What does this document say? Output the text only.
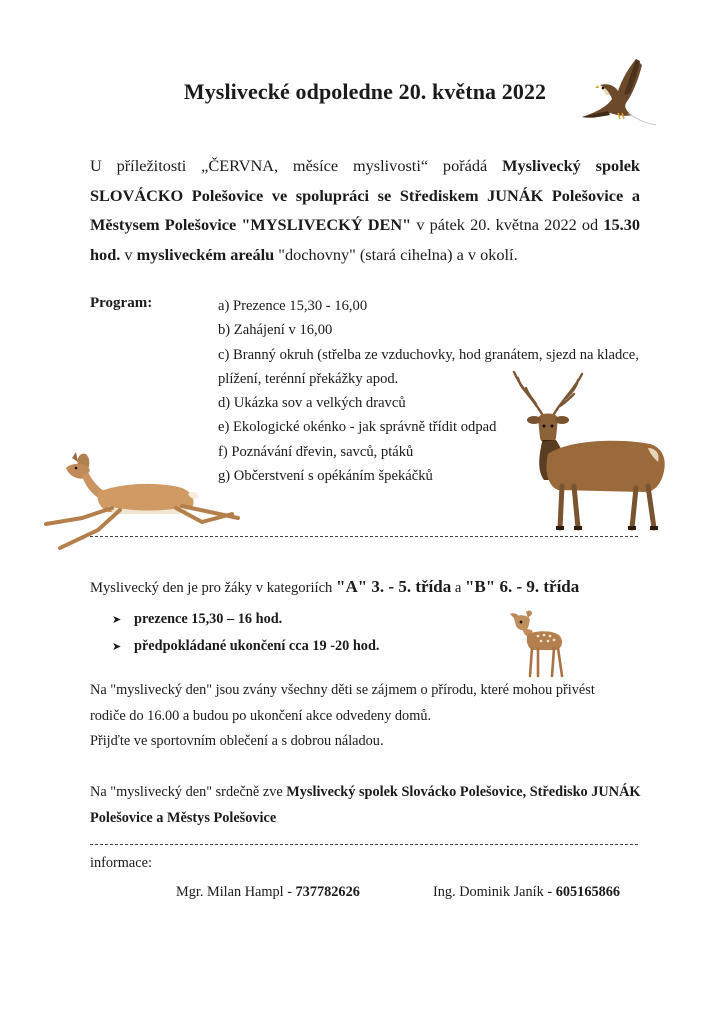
Myslivecké odpoledne 20. května 2022
U příležitosti „ČERVNA, měsíce myslivosti“ pořádá Myslivecký spolek SLOVÁCKO Polešovice ve spolupráci se Střediskem JUNÁK Polešovice a Městysem Polešovice "MYSLIVECKÝ DEN" v pátek 20. května 2022 od 15.30 hod. v mysliveckém areálu "dochovny" (stará cihelna) a v okolí.
Program:	a) Prezence 15,30 - 16,00
b) Zahájení v 16,00
c) Branný okruh (střelba ze vzduchovky, hod granátem, sjezd na kladce,
plížení, terénní překážky apod.
d) Ukázka sov a velkých dravců
e) Ekologické okénko - jak správně třídit odpad
f) Poznávání dřevin, savců, ptáků
g) Občerstvení s opékáním špekáčků
Myslivecký den je pro žáky v kategoriích "A" 3. - 5. třída a "B" 6. - 9. třída
➤ prezence 15,30 – 16 hod.
➤ předpokládané ukončení cca 19 -20 hod.
Na "myslivecký den" jsou zvány všechny děti se zájmem o přírodu, které mohou přivést
rodiče do 16.00 a budou po ukončení akce odvedeny domů.
Přijďte ve sportovním oblečení a s dobrou náladou.
Na "myslivecký den" srdečně zve Myslivecký spolek Slovácko Polešovice, Středisko JUNÁK Polešovice a Městys Polešovice
informace:
Mgr. Milan Hampl - 737782626	Ing. Dominik Janík - 605165866
